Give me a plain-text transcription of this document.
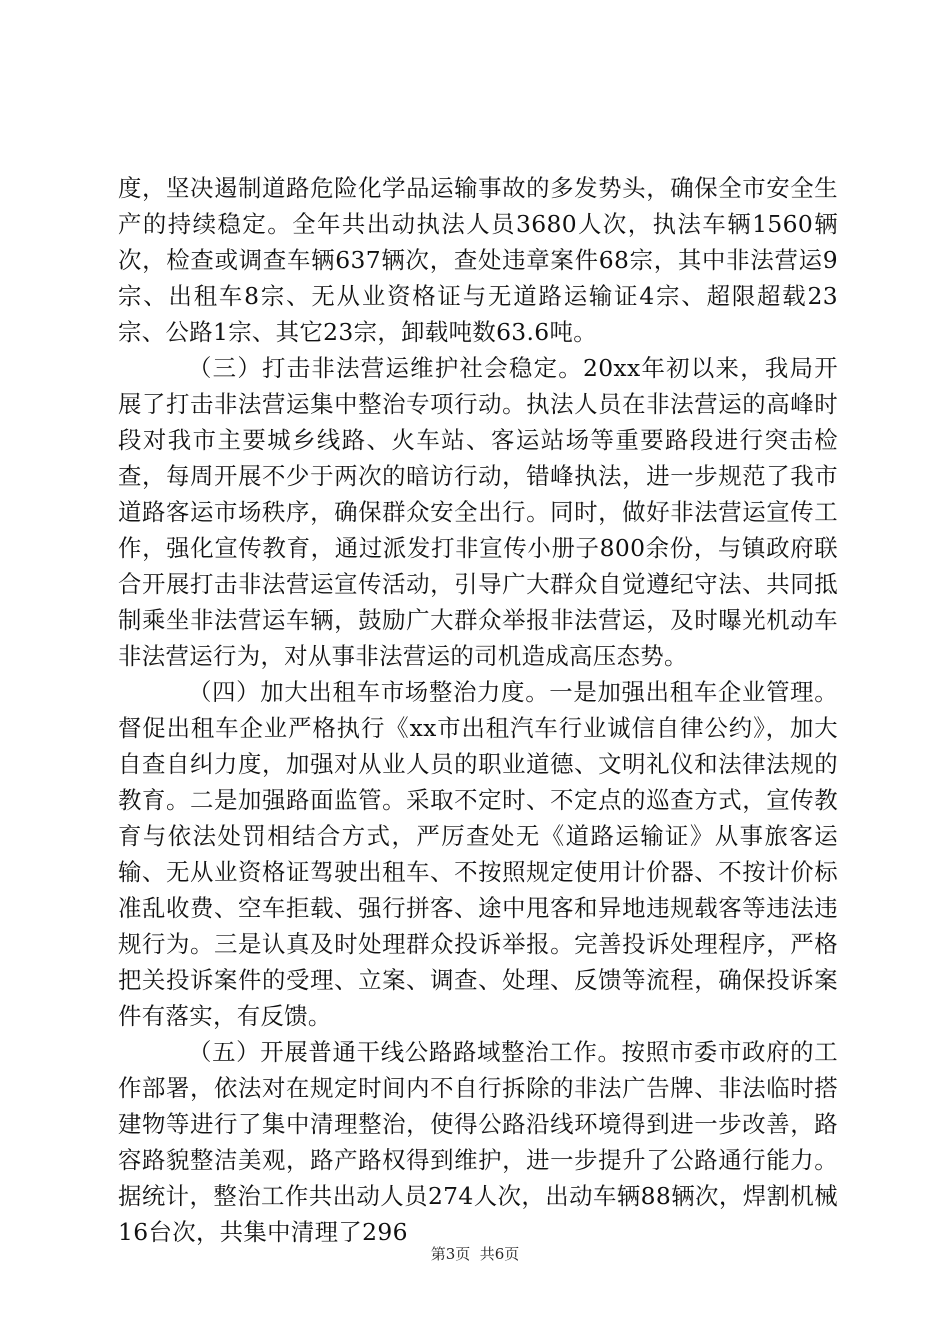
度，坚决遏制道路危险化学品运输事故的多发势头，确保全市安全生产的持续稳定。全年共出动执法人员3680人次，执法车辆1560辆次，检查或调查车辆637辆次，查处违章案件68宗，其中非法营运9宗、出租车8宗、无从业资格证与无道路运输证4宗、超限超载23宗、公路1宗、其它23宗，卸载吨数63.6吨。

（三）打击非法营运维护社会稳定。20xx年初以来，我局开展了打击非法营运集中整治专项行动。执法人员在非法营运的高峰时段对我市主要城乡线路、火车站、客运站场等重要路段进行突击检查，每周开展不少于两次的暗访行动，错峰执法，进一步规范了我市道路客运市场秩序，确保群众安全出行。同时，做好非法营运宣传工作，强化宣传教育，通过派发打非宣传小册子800余份，与镇政府联合开展打击非法营运宣传活动，引导广大群众自觉遵纪守法、共同抵制乘坐非法营运车辆，鼓励广大群众举报非法营运，及时曝光机动车非法营运行为，对从事非法营运的司机造成高压态势。

（四）加大出租车市场整治力度。一是加强出租车企业管理。督促出租车企业严格执行《xx市出租汽车行业诚信自律公约》，加大自查自纠力度，加强对从业人员的职业道德、文明礼仪和法律法规的教育。二是加强路面监管。采取不定时、不定点的巡查方式，宣传教育与依法处罚相结合方式，严厉查处无《道路运输证》从事旅客运输、无从业资格证驾驶出租车、不按照规定使用计价器、不按计价标准乱收费、空车拒载、强行拼客、途中甩客和异地违规载客等违法违规行为。三是认真及时处理群众投诉举报。完善投诉处理程序，严格把关投诉案件的受理、立案、调查、处理、反馈等流程，确保投诉案件有落实，有反馈。

（五）开展普通干线公路路域整治工作。按照市委市政府的工作部署，依法对在规定时间内不自行拆除的非法广告牌、非法临时搭建物等进行了集中清理整治，使得公路沿线环境得到进一步改善，路容路貌整洁美观，路产路权得到维护，进一步提升了公路通行能力。据统计，整治工作共出动人员274人次，出动车辆88辆次，焊割机械16台次，共集中清理了296

第3页  共6页
